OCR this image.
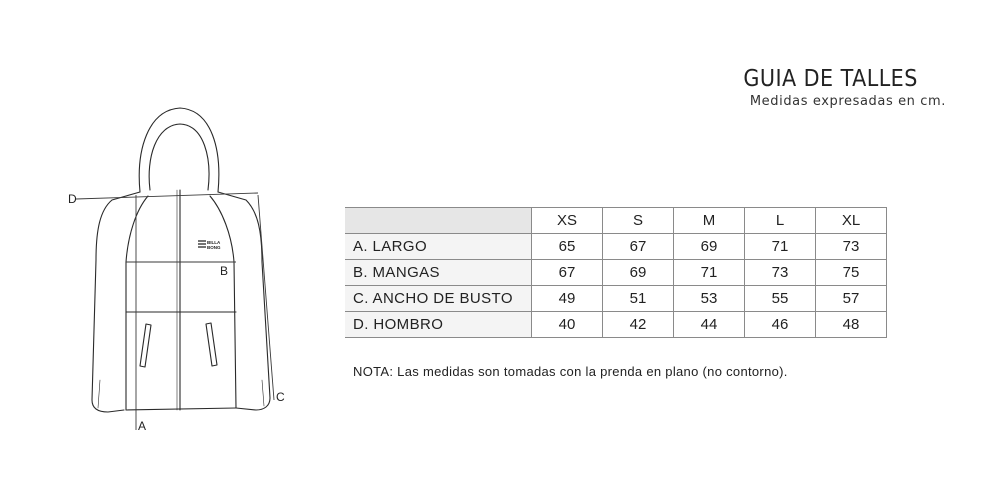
GUIA DE TALLES
Medidas expresadas en cm.
BILLA
BONG
D
B
A
C
	XS	S	M	L	XL
A. LARGO	65	67	69	71	73
B. MANGAS	67	69	71	73	75
C. ANCHO DE BUSTO	49	51	53	55	57
D. HOMBRO	40	42	44	46	48
NOTA: Las medidas son tomadas con la prenda en plano (no contorno).
